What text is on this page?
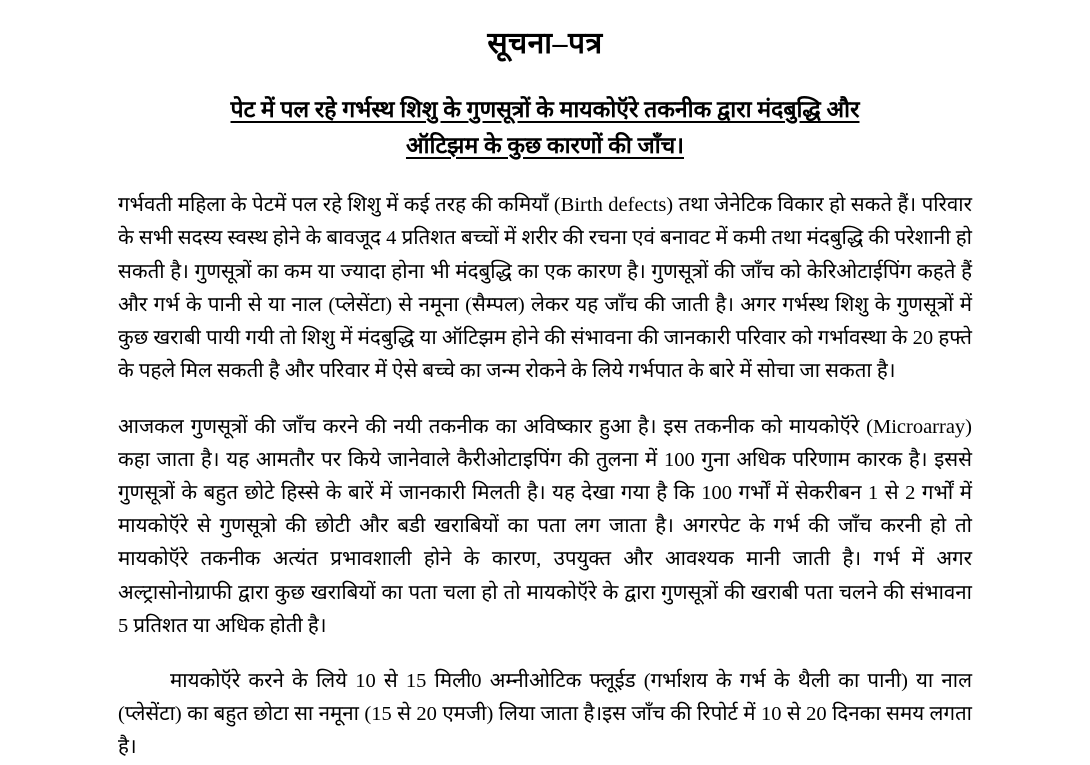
सूचना–पत्र
पेट में पल रहे गर्भस्थ शिशु के गुणसूत्रों के मायकोऍरे तकनीक द्वारा मंदबुद्धि और
ऑटिझम के कुछ कारणों की जाँच।

गर्भवती महिला के पेटमें पल रहे शिशु में कई तरह की कमियाँ (Birth defects) तथा जेनेटिक विकार हो सकते हैं। परिवार के सभी सदस्य स्वस्थ होने के बावजूद 4 प्रतिशत बच्चों में शरीर की रचना एवं बनावट में कमी तथा मंदबुद्धि की परेशानी हो सकती है। गुणसूत्रों का कम या ज्यादा होना भी मंदबुद्धि का एक कारण है। गुणसूत्रों की जाँच को केरिओटाईपिंग कहते हैं और गर्भ के पानी से या नाल (प्लेसेंटा) से नमूना (सैम्पल) लेकर यह जाँच की जाती है। अगर गर्भस्थ शिशु के गुणसूत्रों में कुछ खराबी पायी गयी तो शिशु में मंदबुद्धि या ऑटिझम होने की संभावना की जानकारी परिवार को गर्भावस्था के 20 हफ्ते के पहले मिल सकती है और परिवार में ऐसे बच्चे का जन्म रोकने के लिये गर्भपात के बारे में सोचा जा सकता है।

आजकल गुणसूत्रों की जाँच करने की नयी तकनीक का अविष्कार हुआ है। इस तकनीक को मायकोऍरे (Microarray) कहा जाता है। यह आमतौर पर किये जानेवाले कैरीओटाइपिंग की तुलना में 100 गुना अधिक परिणाम कारक है। इससे गुणसूत्रों के बहुत छोटे हिस्से के बारें में जानकारी मिलती है। यह देखा गया है कि 100 गर्भों में सेकरीबन 1 से 2 गर्भों में मायकोऍरे से गुणसूत्रो की छोटी और बडी खराबियों का पता लग जाता है। अगरपेट के गर्भ की जाँच करनी हो तो मायकोऍरे तकनीक अत्यंत प्रभावशाली होने के कारण, उपयुक्त और आवश्यक मानी जाती है। गर्भ में अगर अल्ट्रासोनोग्राफी द्वारा कुछ खराबियों का पता चला हो तो मायकोऍरे के द्वारा गुणसूत्रों की खराबी पता चलने की संभावना 5 प्रतिशत या अधिक होती है।

मायकोऍरे करने के लिये 10 से 15 मिली0 अम्नीओटिक फ्लूईड (गर्भाशय के गर्भ के थैली का पानी) या नाल (प्लेसेंटा) का बहुत छोटा सा नमूना (15 से 20 एमजी) लिया जाता है।इस जाँच की रिपोर्ट में 10 से 20 दिनका समय लगता है।
